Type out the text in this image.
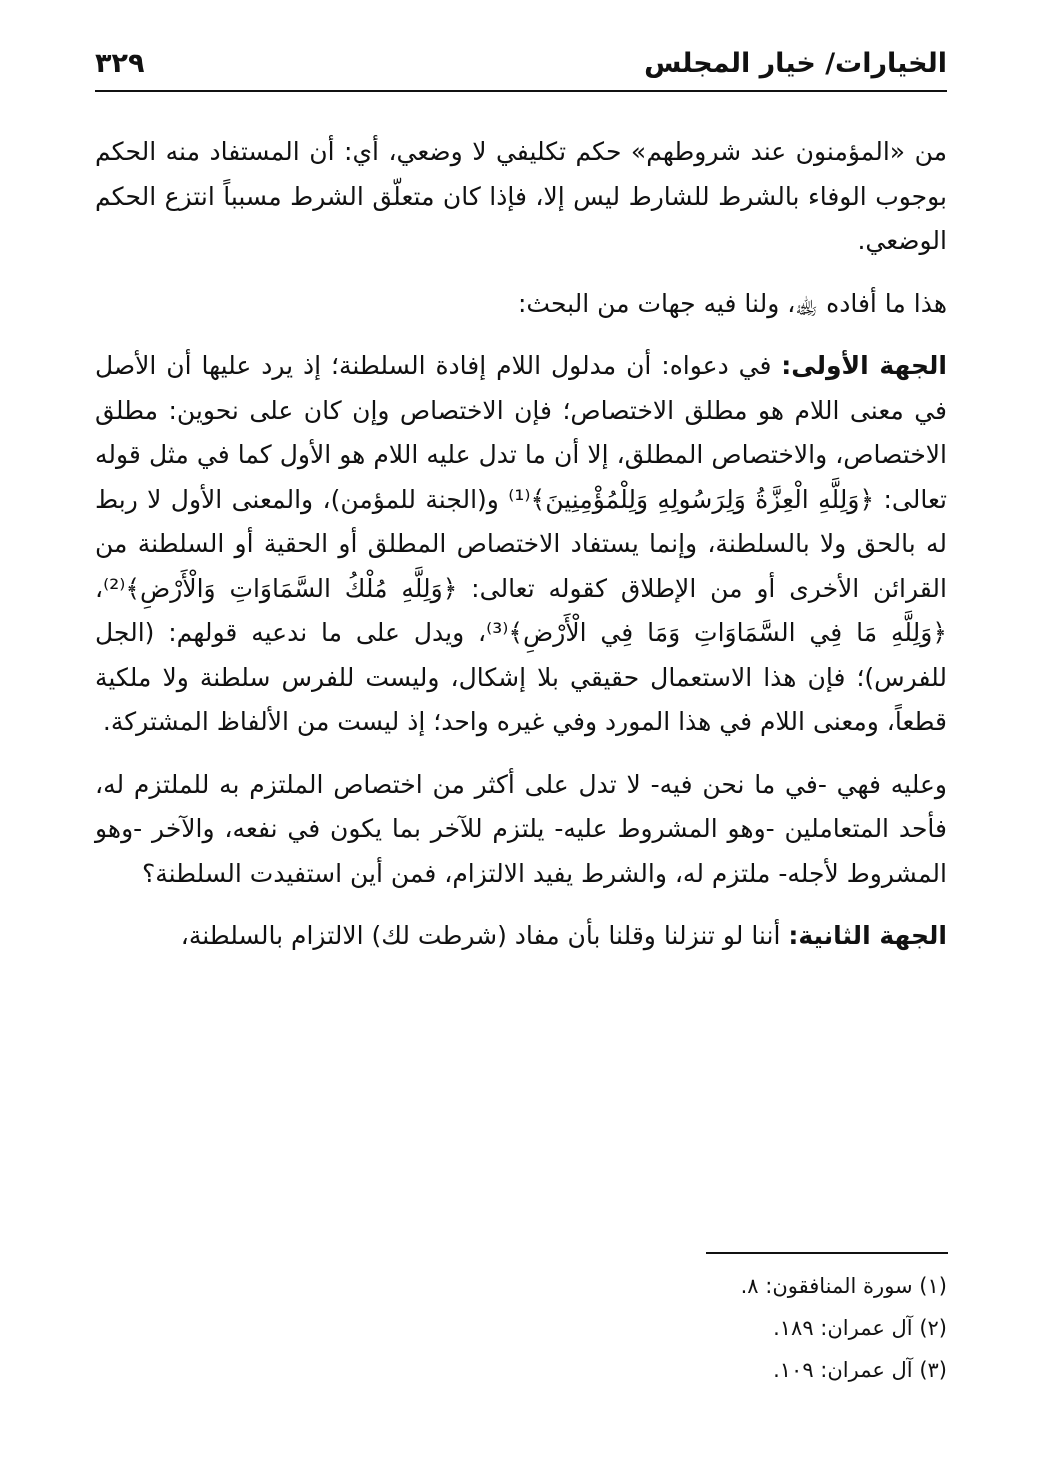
الخيارات/ خيار المجلس
٣٢٩

من «المؤمنون عند شروطهم» حكم تكليفي لا وضعي، أي: أن المستفاد منه الحكم بوجوب الوفاء بالشرط للشارط ليس إلا، فإذا كان متعلّق الشرط مسبباً انتزع الحكم الوضعي.

هذا ما أفاده ﵀، ولنا فيه جهات من البحث:

الجهة الأولى: في دعواه: أن مدلول اللام إفادة السلطنة؛ إذ يرد عليها أن الأصل في معنى اللام هو مطلق الاختصاص؛ فإن الاختصاص وإن كان على نحوين: مطلق الاختصاص، والاختصاص المطلق، إلا أن ما تدل عليه اللام هو الأول كما في مثل قوله تعالى: ﴿وَلِلَّهِ الْعِزَّةُ وَلِرَسُولِهِ وَلِلْمُؤْمِنِينَ﴾⁽¹⁾ و(الجنة للمؤمن)، والمعنى الأول لا ربط له بالحق ولا بالسلطنة، وإنما يستفاد الاختصاص المطلق أو الحقية أو السلطنة من القرائن الأخرى أو من الإطلاق كقوله تعالى: ﴿وَلِلَّهِ مُلْكُ السَّمَاوَاتِ وَالْأَرْضِ﴾⁽²⁾، ﴿وَلِلَّهِ مَا فِي السَّمَاوَاتِ وَمَا فِي الْأَرْضِ﴾⁽³⁾، ويدل على ما ندعيه قولهم: (الجل للفرس)؛ فإن هذا الاستعمال حقيقي بلا إشكال، وليست للفرس سلطنة ولا ملكية قطعاً، ومعنى اللام في هذا المورد وفي غيره واحد؛ إذ ليست من الألفاظ المشتركة.

وعليه فهي -في ما نحن فيه- لا تدل على أكثر من اختصاص الملتزم به للملتزم له، فأحد المتعاملين -وهو المشروط عليه- يلتزم للآخر بما يكون في نفعه، والآخر -وهو المشروط لأجله- ملتزم له، والشرط يفيد الالتزام، فمن أين استفيدت السلطنة؟

الجهة الثانية: أننا لو تنزلنا وقلنا بأن مفاد (شرطت لك) الالتزام بالسلطنة،

(١) سورة المنافقون: ٨.
(٢) آل عمران: ١٨٩.
(٣) آل عمران: ١٠٩.
